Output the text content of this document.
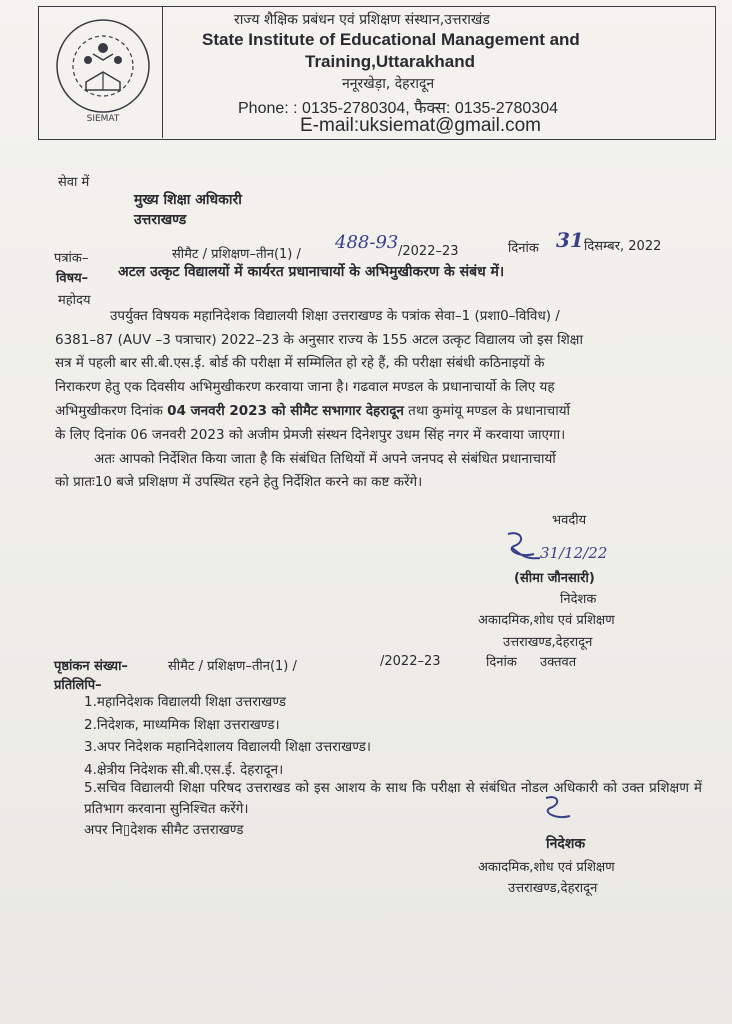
SIEMAT
राज्य शैक्षिक प्रबंधन एवं प्रशिक्षण संस्थान,उत्तराखंड
State Institute of Educational Management and
Training,Uttarakhand
ननूरखेड़ा, देहरादून
Phone: : 0135-2780304, फैक्स: 0135-2780304
E-mail:uksiemat@gmail.com
सेवा में
मुख्य शिक्षा अधिकारी
उत्तराखण्ड
पत्रांक–	सीमैट / प्रशिक्षण–तीन(1) /
488-93 /2022–23	दिनांक 31 दिसम्बर, 2022
विषय– अटल उत्कृट विद्यालयों में कार्यरत प्रधानाचार्यो के अभिमुखीकरण के संबंध में।
महोदय
उपर्युक्त विषयक महानिदेशक विद्यालयी शिक्षा उत्तराखण्ड के पत्रांक सेवा–1 (प्रशा0–विविध) /
6381–87 (AUV –3 पत्राचार) 2022–23 के अनुसार राज्य के 155 अटल उत्कृट विद्यालय जो इस शिक्षा
सत्र में पहली बार सी.बी.एस.ई. बोर्ड की परीक्षा में सम्मिलित हो रहे हैं, की परीक्षा संबंधी कठिनाइयों के
निराकरण हेतु एक दिवसीय अभिमुखीकरण करवाया जाना है। गढवाल मण्डल के प्रधानाचार्यो के लिए यह
अभिमुखीकरण दिनांक 04 जनवरी 2023 को सीमैट सभागार देहरादून तथा कुमांयू मण्डल के प्रधानाचार्यो
के लिए दिनांक 06 जनवरी 2023 को अजीम प्रेमजी संस्थन दिनेशपुर उधम सिंह नगर में करवाया जाएगा।
अतः आपको निर्देशित किया जाता है कि संबंधित तिथियों में अपने जनपद से संबंधित प्रधानाचार्यो
को प्रातः10 बजे प्रशिक्षण में उपस्थित रहने हेतु निर्देशित करने का कष्ट करेंगे।
भवदीय
31/12/22
(सीमा जौनसारी)
निदेशक
अकादमिक,शोध एवं प्रशिक्षण
उत्तराखण्ड,देहरादून
पृष्ठांकन संख्या–	सीमैट / प्रशिक्षण–तीन(1) /	/2022–23	दिनांक उक्तवत
प्रतिलिपि–
1.महानिदेशक विद्यालयी शिक्षा उत्तराखण्ड
2.निदेशक, माध्यमिक शिक्षा उत्तराखण्ड।
3.अपर निदेशक महानिदेशालय विद्यालयी शिक्षा उत्तराखण्ड।
4.क्षेत्रीय निदेशक सी.बी.एस.ई. देहरादून।
5.सचिव विद्यालयी शिक्षा परिषद उत्तराखड को इस आशय के साथ कि परीक्षा से संबंधित नोडल अधिकारी को उक्त प्रशिक्षण में प्रतिभाग करवाना सुनिश्चित करेंगे।
अपर नि▯देशक सीमैट उत्तराखण्ड
निदेशक
अकादमिक,शोध एवं प्रशिक्षण
उत्तराखण्ड,देहरादून
